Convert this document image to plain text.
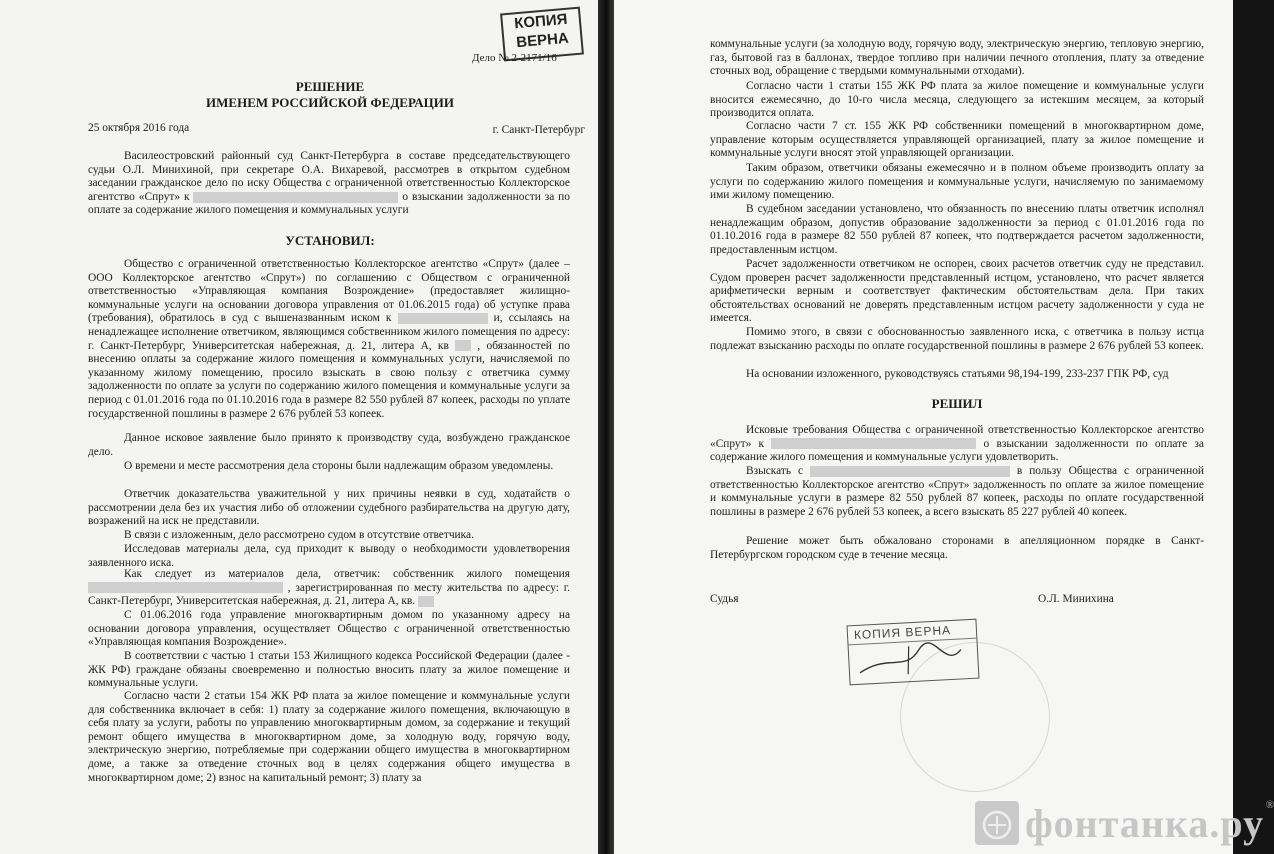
КОПИЯ ВЕРНА

Дело № 2-2171/16

РЕШЕНИЕ

ИМЕНЕМ РОССИЙСКОЙ ФЕДЕРАЦИИ

25 октября 2016 года	г. Санкт-Петербург

Василеостровский районный суд Санкт-Петербурга в составе председательствующего судьи О.Л. Минихиной, при секретаре О.А. Вихаревой, рассмотрев в открытом судебном заседании гражданское дело по иску Общества с ограниченной ответственностью Коллекторское агентство «Спрут» к	о взыскании задолженности за по оплате за содержание жилого помещения и коммунальных услуги

УСТАНОВИЛ:

Общество с ограниченной ответственностью Коллекторское агентство «Спрут» (далее – ООО Коллекторское агентство «Спрут») по соглашению с Обществом с ограниченной ответственностью «Управляющая компания Возрождение» (предоставляет жилищно-коммунальные услуги на основании договора управления от 01.06.2015 года) об уступке права (требования), обратилось в суд с вышеназванным иском к	и, ссылаясь на ненадлежащее исполнение ответчиком, являющимся собственником жилого помещения по адресу: г. Санкт-Петербург, Университетская набережная, д. 21, литера А, кв	, обязанностей по внесению оплаты за содержание жилого помещения и коммунальных услуги, начисляемой по указанному жилому помещению, просило взыскать в свою пользу с ответчика сумму задолженности по оплате за услуги по содержанию жилого помещения и коммунальные услуги за период с 01.01.2016 года по 01.10.2016 года в размере 82 550 рублей 87 копеек, расходы по уплате государственной пошлины в размере 2 676 рублей 53 копеек.

Данное исковое заявление было принято к производству суда, возбуждено гражданское дело.

О времени и месте рассмотрения дела стороны были надлежащим образом уведомлены.

Ответчик доказательства уважительной у них причины неявки в суд, ходатайств о рассмотрении дела без их участия либо об отложении судебного разбирательства на другую дату, возражений на иск не представили.

В связи с изложенным, дело рассмотрено судом в отсутствие ответчика.

Исследовав материалы дела, суд приходит к выводу о необходимости удовлетворения заявленного иска.

Как следует из материалов дела, ответчик: собственник жилого помещения  , зарегистрированная по месту жительства по адресу: г. Санкт-Петербург, Университетская набережная, д. 21, литера А, кв.

С 01.06.2016 года управление многоквартирным домом по указанному адресу на основании договора управления, осуществляет Общество с ограниченной ответственностью «Управляющая компания Возрождение».

В соответствии с частью 1 статьи 153 Жилищного кодекса Российской Федерации (далее - ЖК РФ) граждане обязаны своевременно и полностью вносить плату за жилое помещение и коммунальные услуги.

Согласно части 2 статьи 154 ЖК РФ плата за жилое помещение и коммунальные услуги для собственника включает в себя: 1) плату за содержание жилого помещения, включающую в себя плату за услуги, работы по управлению многоквартирным домом, за содержание и текущий ремонт общего имущества в многоквартирном доме, за холодную воду, горячую воду, электрическую энергию, потребляемые при содержании общего имущества в многоквартирном доме, а также за отведение сточных вод в целях содержания общего имущества в многоквартирном доме; 2) взнос на капитальный ремонт; 3) плату за

коммунальные услуги (за холодную воду, горячую воду, электрическую энергию, тепловую энергию, газ, бытовой газ в баллонах, твердое топливо при наличии печного отопления, плату за отведение сточных вод, обращение с твердыми коммунальными отходами).

Согласно части 1 статьи 155 ЖК РФ плата за жилое помещение и коммунальные услуги вносится ежемесячно, до 10-го числа месяца, следующего за истекшим месяцем, за который производится оплата.

Согласно части 7 ст. 155 ЖК РФ собственники помещений в многоквартирном доме, управление которым осуществляется управляющей организацией, плату за жилое помещение и коммунальные услуги вносят этой управляющей организации.

Таким образом, ответчики обязаны ежемесячно и в полном объеме производить оплату за услуги по содержанию жилого помещения и коммунальные услуги, начисляемую по занимаемому ими жилому помещению.

В судебном заседании установлено, что обязанность по внесению платы ответчик исполнял ненадлежащим образом, допустив образование задолженности за период с 01.01.2016 года по 01.10.2016 года в размере 82 550 рублей 87 копеек, что подтверждается расчетом задолженности, предоставленным истцом.

Расчет задолженности ответчиком не оспорен, своих расчетов ответчик суду не представил. Судом проверен расчет задолженности представленный истцом, установлено, что расчет является арифметически верным и соответствует фактическим обстоятельствам дела. При таких обстоятельствах оснований не доверять представленным истцом расчету задолженности у суда не имеется.

Помимо этого, в связи с обоснованностью заявленного иска, с ответчика в пользу истца подлежат взысканию расходы по оплате государственной пошлины в размере 2 676 рублей 53 копеек.

На основании изложенного, руководствуясь статьями 98,194-199, 233-237 ГПК РФ, суд

РЕШИЛ

Исковые требования Общества с ограниченной ответственностью Коллекторское агентство «Спрут» к	о взыскании задолженности по оплате за содержание жилого помещения и коммунальные услуги удовлетворить.

Взыскать с	в пользу Общества с ограниченной ответственностью Коллекторское агентство «Спрут» задолженность по оплате за жилое помещение и коммунальные услуги в размере 82 550 рублей 87 копеек, расходы по оплате государственной пошлины в размере 2 676 рублей 53 копеек, а всего взыскать 85 227 рублей 40 копеек.

Решение может быть обжаловано сторонами в апелляционном порядке в Санкт-Петербургском городском суде в течение месяца.

Судья	О.Л. Минихина

КОПИЯ ВЕРНА
фонтанка.ру ®
